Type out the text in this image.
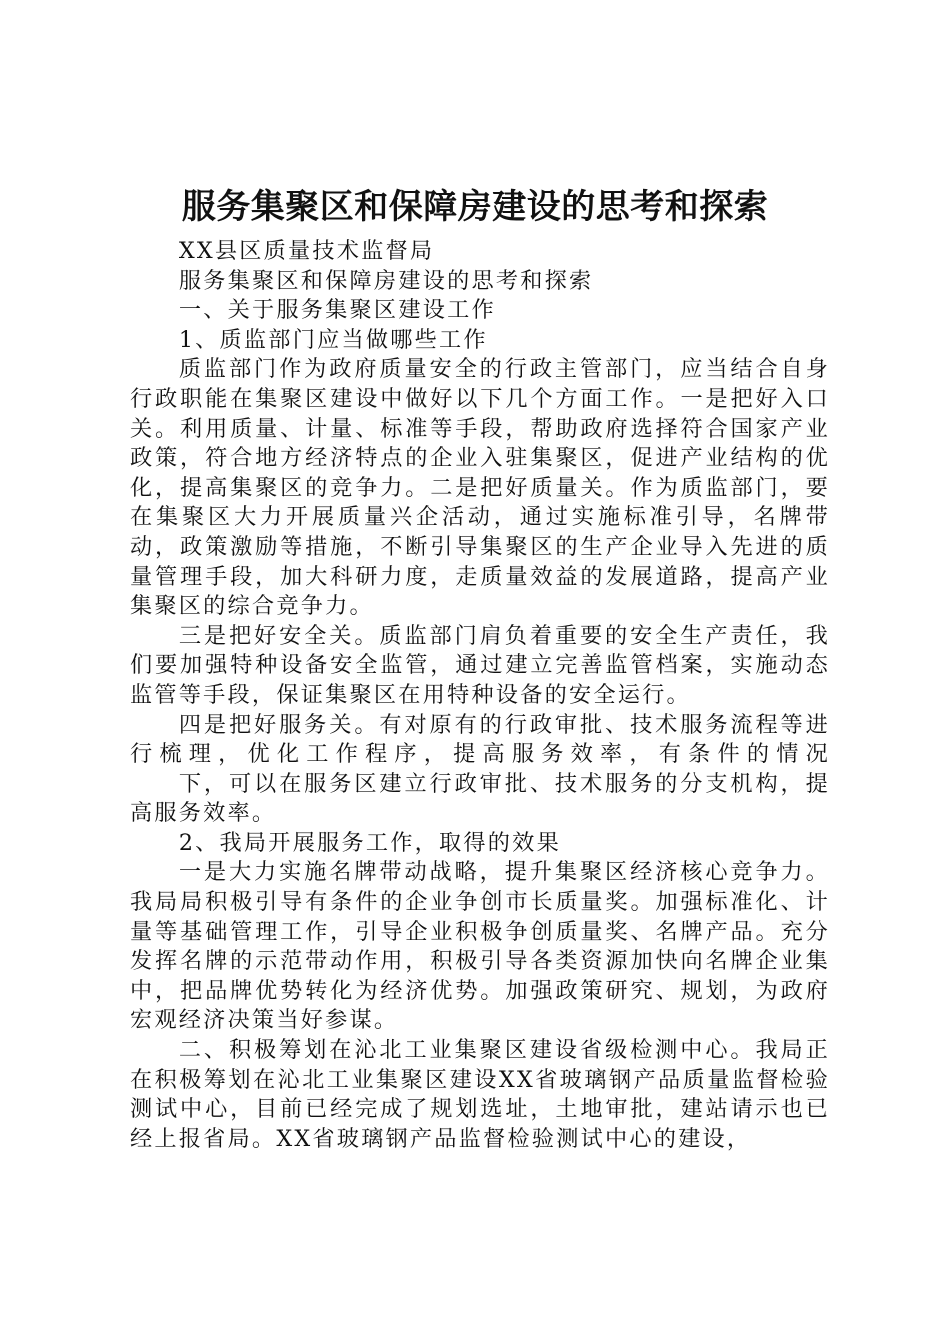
服务集聚区和保障房建设的思考和探索

XX县区质量技术监督局

服务集聚区和保障房建设的思考和探索

一、关于服务集聚区建设工作

1、质监部门应当做哪些工作

质监部门作为政府质量安全的行政主管部门，应当结合自身行政职能在集聚区建设中做好以下几个方面工作。一是把好入口关。利用质量、计量、标准等手段，帮助政府选择符合国家产业政策，符合地方经济特点的企业入驻集聚区，促进产业结构的优化，提高集聚区的竞争力。二是把好质量关。作为质监部门，要在集聚区大力开展质量兴企活动，通过实施标准引导，名牌带动，政策激励等措施，不断引导集聚区的生产企业导入先进的质量管理手段，加大科研力度，走质量效益的发展道路，提高产业集聚区的综合竞争力。

三是把好安全关。质监部门肩负着重要的安全生产责任，我们要加强特种设备安全监管，通过建立完善监管档案，实施动态监管等手段，保证集聚区在用特种设备的安全运行。

四是把好服务关。有对原有的行政审批、技术服务流程等进行梳理，优化工作程序，提高服务效率，有条件的情况

下，可以在服务区建立行政审批、技术服务的分支机构，提高服务效率。

2、我局开展服务工作，取得的效果

一是大力实施名牌带动战略，提升集聚区经济核心竞争力。我局局积极引导有条件的企业争创市长质量奖。加强标准化、计量等基础管理工作，引导企业积极争创质量奖、名牌产品。充分发挥名牌的示范带动作用，积极引导各类资源加快向名牌企业集中，把品牌优势转化为经济优势。加强政策研究、规划，为政府宏观经济决策当好参谋。

二、积极筹划在沁北工业集聚区建设省级检测中心。我局正在积极筹划在沁北工业集聚区建设XX省玻璃钢产品质量监督检验测试中心，目前已经完成了规划选址，土地审批，建站请示也已经上报省局。XX省玻璃钢产品监督检验测试中心的建设，
